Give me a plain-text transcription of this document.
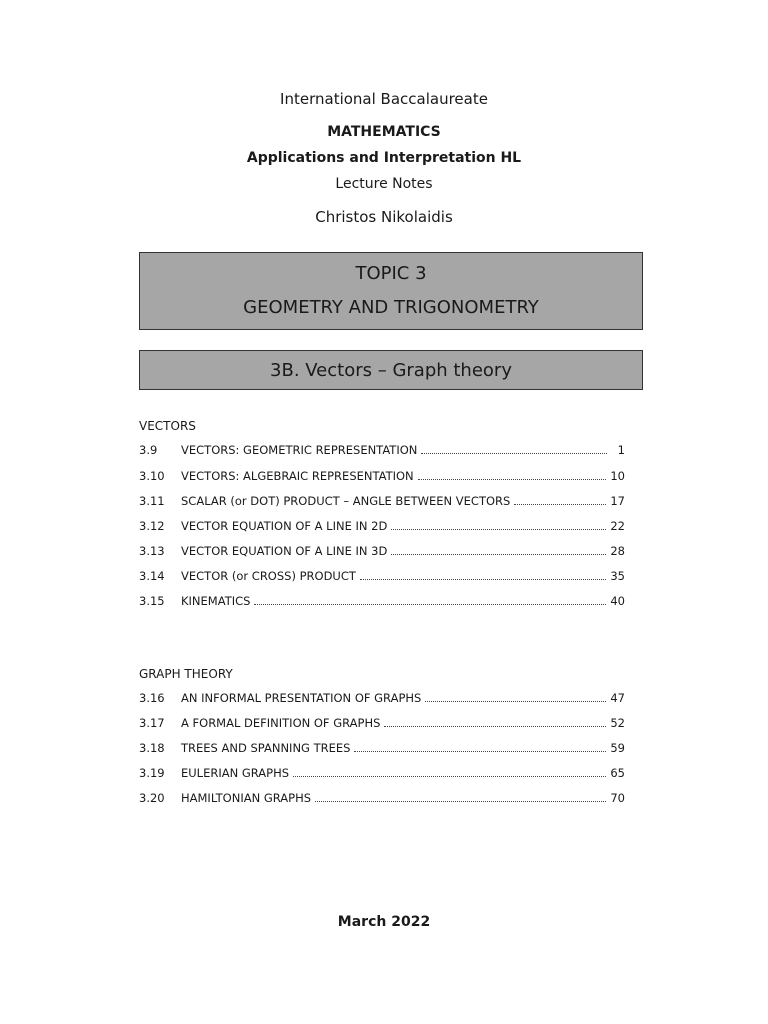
International Baccalaureate
MATHEMATICS
Applications and Interpretation HL
Lecture Notes
Christos Nikolaidis
TOPIC 3
GEOMETRY AND TRIGONOMETRY
3B. Vectors – Graph theory
VECTORS
3.9	VECTORS: GEOMETRIC REPRESENTATION	1
3.10	VECTORS: ALGEBRAIC REPRESENTATION	10
3.11	SCALAR (or DOT) PRODUCT – ANGLE BETWEEN VECTORS	17
3.12	VECTOR EQUATION OF A LINE IN 2D	22
3.13	VECTOR EQUATION OF A LINE IN 3D	28
3.14	VECTOR (or CROSS) PRODUCT	35
3.15	KINEMATICS	40
GRAPH THEORY
3.16	AN INFORMAL PRESENTATION OF GRAPHS	47
3.17	A FORMAL DEFINITION OF GRAPHS	52
3.18	TREES AND SPANNING TREES	59
3.19	EULERIAN GRAPHS	65
3.20	HAMILTONIAN GRAPHS	70
March 2022
